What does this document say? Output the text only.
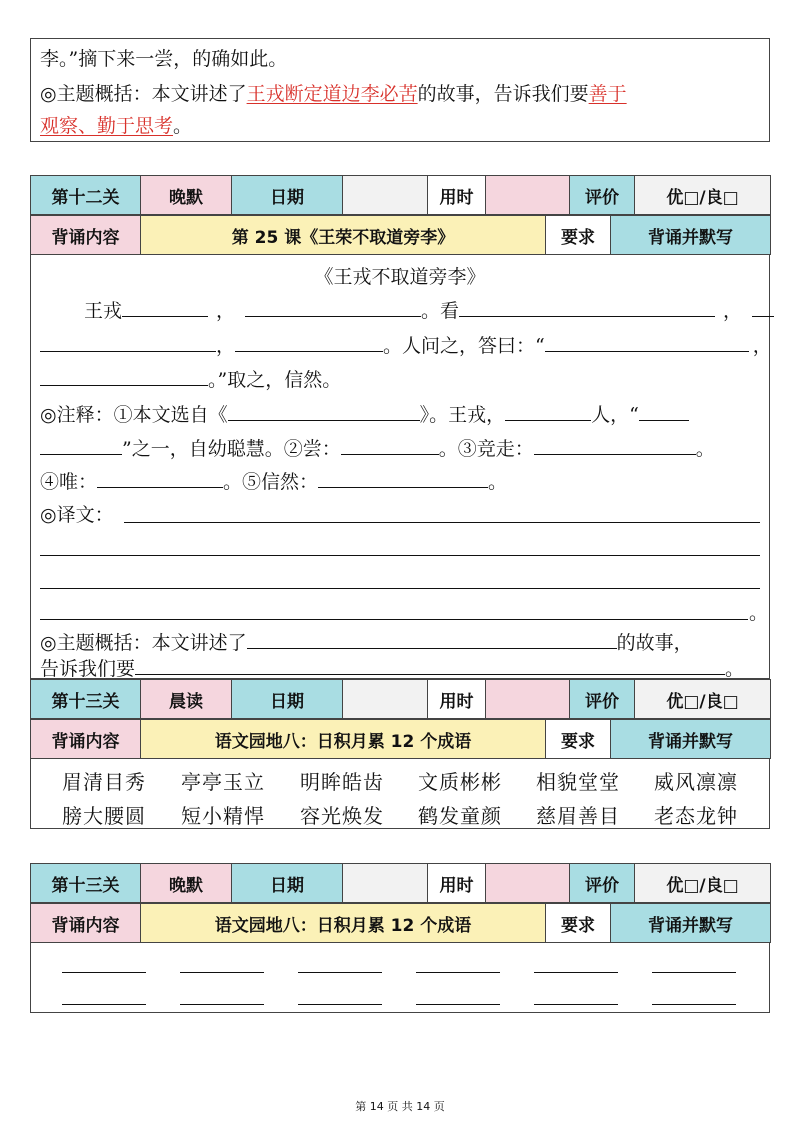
李。”摘下来一尝，的确如此。
◎主题概括：本文讲述了王戎断定道边李必苦的故事，告诉我们要善于
观察、勤于思考。
第十二关	晚默	日期		用时		评价	优□/良□
背诵内容	第 25 课《王荣不取道旁李》	要求	背诵并默写
《王戎不取道旁李》
王戎	，	。看	，
，	。人问之，答曰：“	，
。”取之，信然。
◎注释：①本文选自《	》。王戎，	人，“
”之一，自幼聪慧。②尝：	。③竞走：	。
④唯：	。⑤信然：	。
◎译文：
。
◎主题概括：本文讲述了	的故事，
告诉我们要	。
第十三关	晨读	日期		用时		评价	优□/良□
背诵内容	语文园地八：日积月累 12 个成语	要求	背诵并默写
眉清目秀	亭亭玉立	明眸皓齿	文质彬彬	相貌堂堂	威风凛凛
膀大腰圆	短小精悍	容光焕发	鹤发童颜	慈眉善目	老态龙钟
第十三关	晚默	日期		用时		评价	优□/良□
背诵内容	语文园地八：日积月累 12 个成语	要求	背诵并默写
第 14 页 共 14 页
